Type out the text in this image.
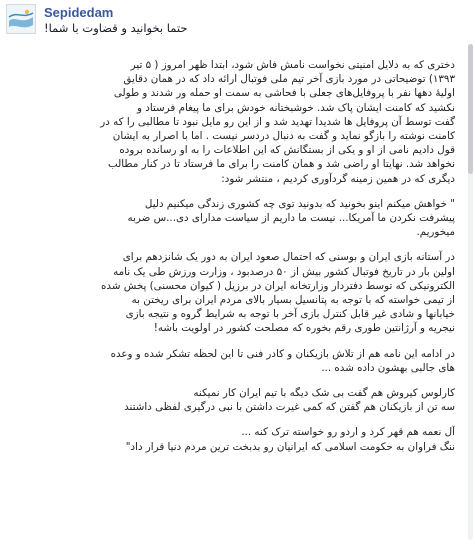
Sepidedam
حتما بخوانید و قضاوت با شما!
دختری که به دلایل امنیتی نخواست نامش فاش شود، ابتدا ظهر امروز ( ۵ تیر
۱۳۹۳) توضیحاتی در مورد بازی آخر تیم ملی فوتبال ارائه داد که در همان دقایق
اولیهٔ دهها نفر با پروفایل‌های جعلی با فحاشی به سمت او حمله ور شدند و طولی
نکشید که کامنت ایشان پاک شد. خوشبختانه خودش برای ما پیغام فرستاد و
گفت توسط آن پروفایل ها شدیدا تهدید شد و از این رو مایل نبود تا مطالبی را که در
کامنت نوشته را بازگو نماید و گفت به دنبال دردسر نیست . اما با اصرار به ایشان
قول دادیم نامی از او و یکی از بستگانش که این اطلاعات را به او رسانده بروده
نخواهد شد. نهایتا او راضی شد و همان کامنت را برای ما فرستاد تا در کنار مطالب
دیگری که در همین زمینه گردآوری کردیم ، منتشر شود:
" خواهش میکنم اینو بخونید که بدونید توی چه کشوری زندگی میکنیم دلیل
پیشرفت نکردن ما آمریکا... نیست ما داریم از سیاست مدارای دی...س ضربه
میخوریم.
در آستانه بازی ایران و بوسنی که احتمال صعود ایران به دور یک شانزدهم برای
اولین بار در تاریخ فوتبال کشور بیش از ۵۰ درصدبود ، وزارت ورزش طی یک نامه
الکترونیکی که توسط دفتردار وزارتخانه ایران در برزیل ( کیوان محسنی) پخش شده
از تیمی خواسته که با توجه به پتانسیل بسیار بالای مردم ایران برای ریختن به
خیابانها و شادی غیر قابل کنترل بازی آخر با توجه به شرایط گروه و نتیجه بازی
نیجریه و آرژانتین طوری رقم بخوره که مصلحت کشور در اولویت باشه!
در ادامه این نامه هم از تلاش بازیکنان و کادر فنی تا این لحظه تشکر شده و وعده
های جالبی بهشون داده شده ...
کارلوس کیروش هم گفت بی شک دیگه با تیم ایران کار نمیکنه
سه تن از بازیکنان هم گفتن که کمی غیرت داشتن با نبی درگیری لفظی داشتند
آل نعمه هم قهر کرد و اردو رو خواسته ترک کنه ...
ننگ فراوان به حکومت اسلامی که ایرانیان رو بدبخت ترین مردم دنیا قرار داد"
